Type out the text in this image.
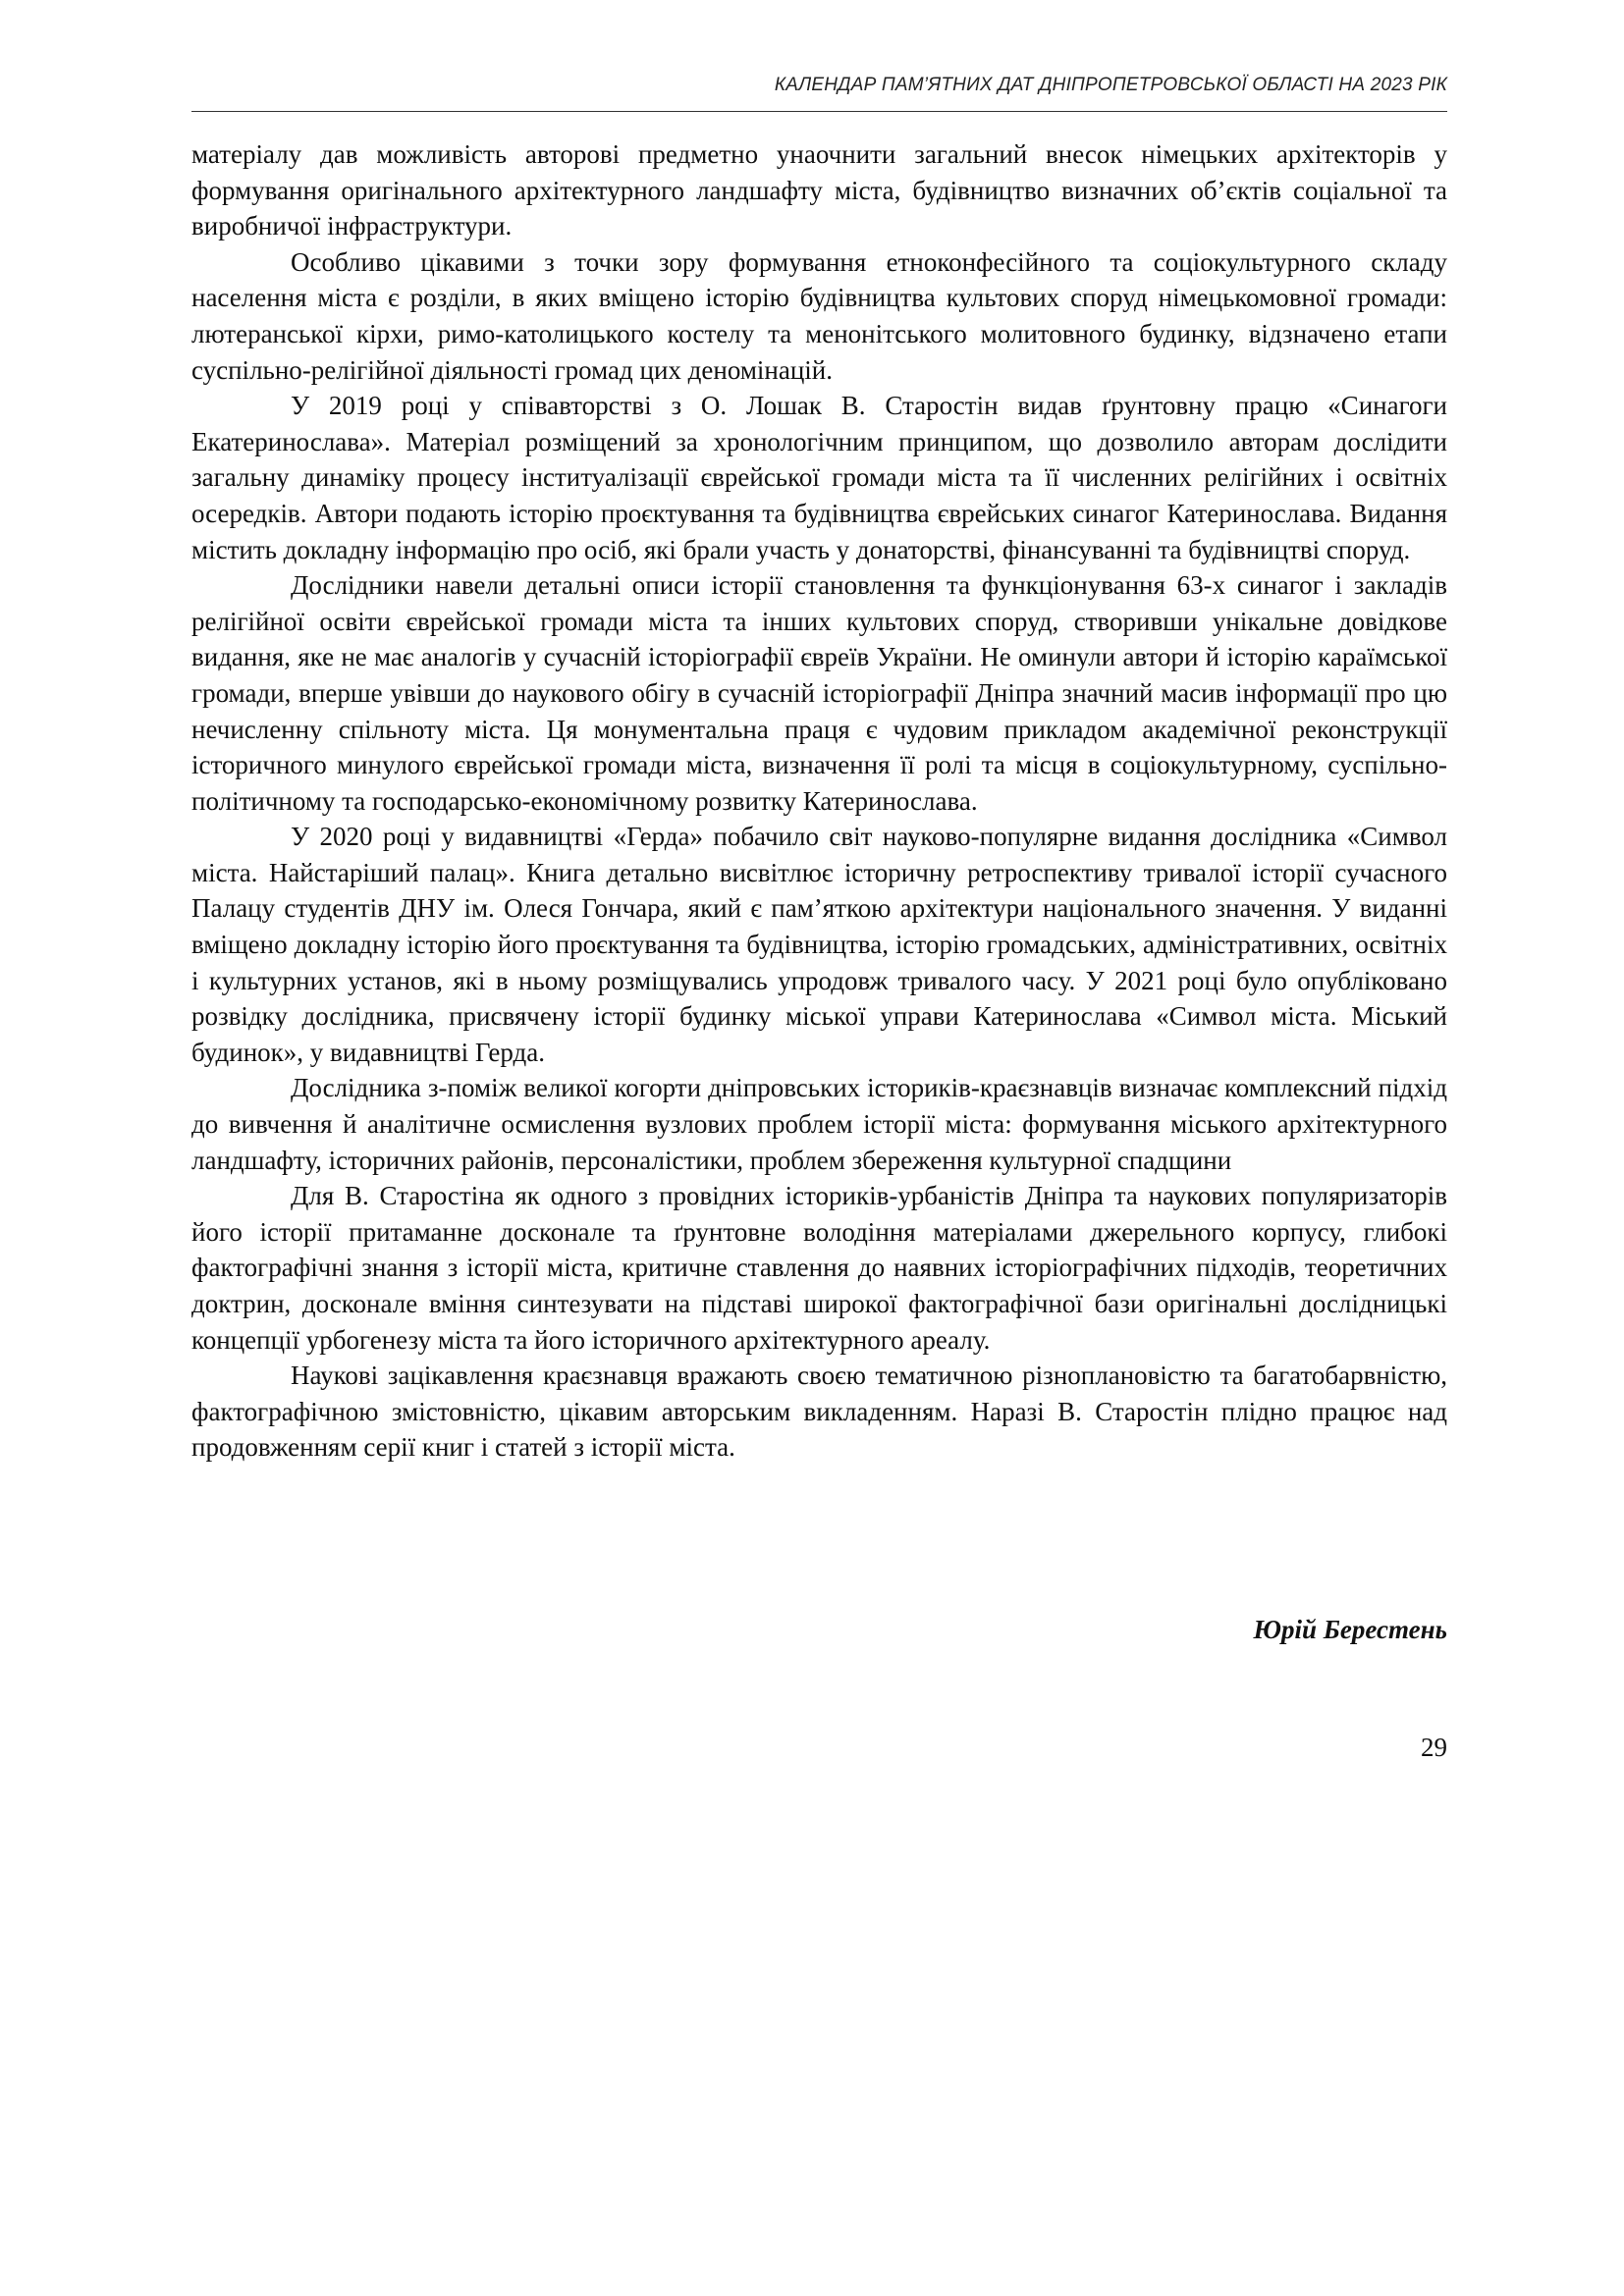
КАЛЕНДАР ПАМ’ЯТНИХ ДАТ ДНІПРОПЕТРОВСЬКОЇ ОБЛАСТІ НА 2023 РІК

матеріалу дав можливість авторові предметно унаочнити загальний внесок німецьких архітекторів у формування оригінального архітектурного ландшафту міста, будівництво визначних об’єктів соціальної та виробничої інфраструктури.

Особливо цікавими з точки зору формування етноконфесійного та соціокультурного складу населення міста є розділи, в яких вміщено історію будівництва культових споруд німецькомовної громади: лютеранської кірхи, римо-католицького костелу та менонітського молитовного будинку, відзначено етапи суспільно-релігійної діяльності громад цих деномінацій.

У 2019 році у співавторстві з О. Лошак В. Старостін видав ґрунтовну працю «Синагоги Екатеринослава». Матеріал розміщений за хронологічним принципом, що дозволило авторам дослідити загальну динаміку процесу інституалізації єврейської громади міста та її численних релігійних і освітніх осередків. Автори подають історію проєктування та будівництва єврейських синагог Катеринослава. Видання містить докладну інформацію про осіб, які брали участь у донаторстві, фінансуванні та будівництві споруд.

Дослідники навели детальні описи історії становлення та функціонування 63-х синагог і закладів релігійної освіти єврейської громади міста та інших культових споруд, створивши унікальне довідкове видання, яке не має аналогів у сучасній історіографії євреїв України. Не оминули автори й історію караїмської громади, вперше увівши до наукового обігу в сучасній історіографії Дніпра значний масив інформації про цю нечисленну спільноту міста. Ця монументальна праця є чудовим прикладом академічної реконструкції історичного минулого єврейської громади міста, визначення її ролі та місця в соціокультурному, суспільно-політичному та господарсько-економічному розвитку Катеринослава.

У 2020 році у видавництві «Герда» побачило світ науково-популярне видання дослідника «Символ міста. Найстаріший палац». Книга детально висвітлює історичну ретроспективу тривалої історії сучасного Палацу студентів ДНУ ім. Олеся Гончара, який є пам’яткою архітектури національного значення. У виданні вміщено докладну історію його проєктування та будівництва, історію громадських, адміністративних, освітніх і культурних установ, які в ньому розміщувались упродовж тривалого часу. У 2021 році було опубліковано розвідку дослідника, присвячену історії будинку міської управи Катеринослава «Символ міста. Міський будинок», у видавництві Герда.

Дослідника з-поміж великої когорти дніпровських істориків-краєзнавців визначає комплексний підхід до вивчення й аналітичне осмислення вузлових проблем історії міста: формування міського архітектурного ландшафту, історичних районів, персоналістики, проблем збереження культурної спадщини

Для В. Старостіна як одного з провідних істориків-урбаністів Дніпра та наукових популяризаторів його історії притаманне досконале та ґрунтовне володіння матеріалами джерельного корпусу, глибокі фактографічні знання з історії міста, критичне ставлення до наявних історіографічних підходів, теоретичних доктрин, досконале вміння синтезувати на підставі широкої фактографічної бази оригінальні дослідницькі концепції урбогенезу міста та його історичного архітектурного ареалу.

Наукові зацікавлення краєзнавця вражають своєю тематичною різноплановістю та багатобарвністю, фактографічною змістовністю, цікавим авторським викладенням. Наразі В. Старостін плідно працює над продовженням серії книг і статей з історії міста.

Юрій Берестень
29
